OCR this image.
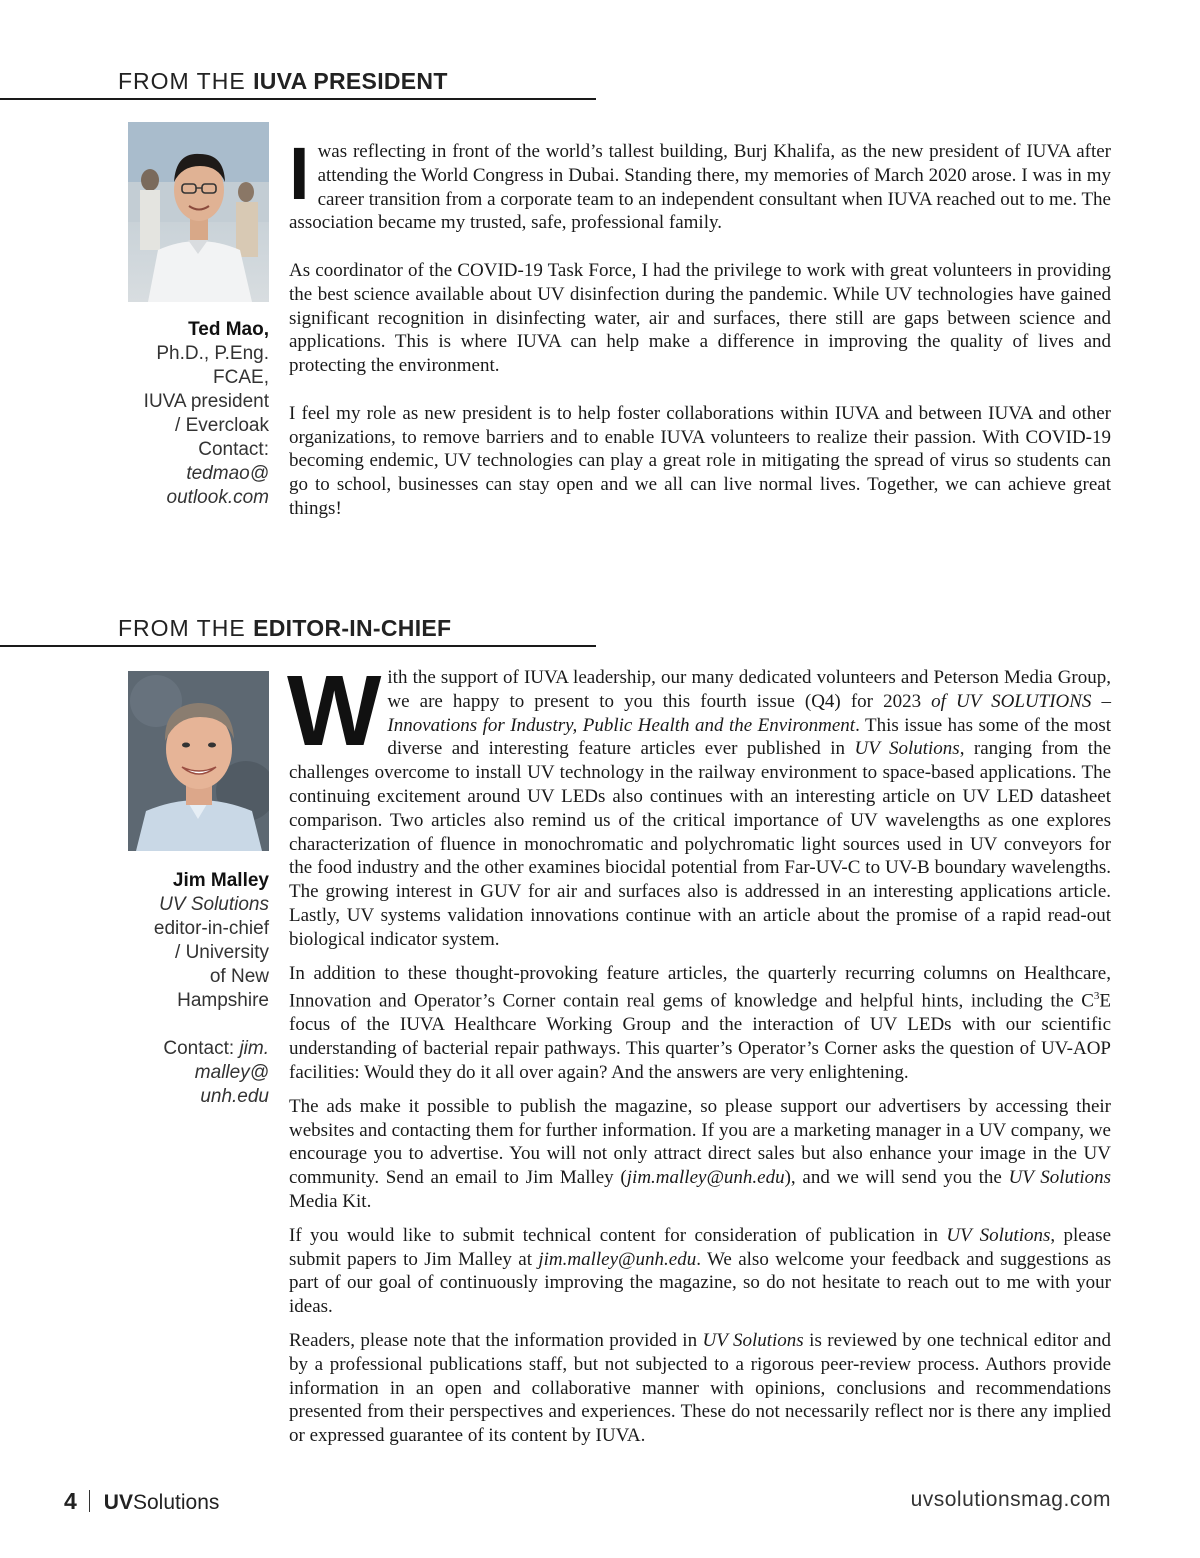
FROM THE IUVA PRESIDENT
Ted Mao,
Ph.D., P.Eng.
FCAE,
IUVA president
/ Evercloak
Contact:
tedmao@
outlook.com

Iwas reflecting in front of the world’s tallest building, Burj Khalifa, as the new president of IUVA after attending the World Congress in Dubai. Standing there, my memories of March 2020 arose. I was in my career transition from a corporate team to an independent consultant when IUVA reached out to me. The association became my trusted, safe, professional family.

As coordinator of the COVID-19 Task Force, I had the privilege to work with great volunteers in providing the best science available about UV disinfection during the pandemic. While UV technologies have gained significant recognition in disinfecting water, air and surfaces, there still are gaps between science and applications. This is where IUVA can help make a difference in improving the quality of lives and protecting the environment.

I feel my role as new president is to help foster collaborations within IUVA and between IUVA and other organizations, to remove barriers and to enable IUVA volunteers to realize their passion. With COVID-19 becoming endemic, UV technologies can play a great role in mitigating the spread of virus so students can go to school, businesses can stay open and we all can live normal lives. Together, we can achieve great things!

FROM THE EDITOR-IN-CHIEF
Jim Malley
UV Solutions
editor-in-chief
/ University
of New
Hampshire
Contact: jim.
malley@
unh.edu

With the support of IUVA leadership, our many dedicated volunteers and Peterson Media Group, we are happy to present to you this fourth issue (Q4) for 2023 of UV SOLUTIONS – Innovations for Industry, Public Health and the Environment. This issue has some of the most diverse and interesting feature articles ever published in UV Solutions, ranging from the challenges overcome to install UV technology in the railway environment to space-based applications. The continuing excitement around UV LEDs also continues with an interesting article on UV LED datasheet comparison. Two articles also remind us of the critical importance of UV wavelengths as one explores characterization of fluence in monochromatic and polychromatic light sources used in UV conveyors for the food industry and the other examines biocidal potential from Far-UV-C to UV-B boundary wavelengths. The growing interest in GUV for air and surfaces also is addressed in an interesting applications article. Lastly, UV systems validation innovations continue with an article about the promise of a rapid read-out biological indicator system.

In addition to these thought-provoking feature articles, the quarterly recurring columns on Healthcare, Innovation and Operator’s Corner contain real gems of knowledge and helpful hints, including the $C^3E$ focus of the IUVA Healthcare Working Group and the interaction of UV LEDs with our scientific understanding of bacterial repair pathways. This quarter’s Operator’s Corner asks the question of UV-AOP facilities: Would they do it all over again? And the answers are very enlightening.

The ads make it possible to publish the magazine, so please support our advertisers by accessing their websites and contacting them for further information. If you are a marketing manager in a UV company, we encourage you to advertise. You will not only attract direct sales but also enhance your image in the UV community. Send an email to Jim Malley (jim.malley@unh.edu), and we will send you the UV Solutions Media Kit.

If you would like to submit technical content for consideration of publication in UV Solutions, please submit papers to Jim Malley at jim.malley@unh.edu. We also welcome your feedback and suggestions as part of our goal of continuously improving the magazine, so do not hesitate to reach out to me with your ideas.

Readers, please note that the information provided in UV Solutions is reviewed by one technical editor and by a professional publications staff, but not subjected to a rigorous peer-review process. Authors provide information in an open and collaborative manner with opinions, conclusions and recommendations presented from their perspectives and experiences. These do not necessarily reflect nor is there any implied or expressed guarantee of its content by IUVA.

4 UVSolutions	uvsolutionsmag.com
